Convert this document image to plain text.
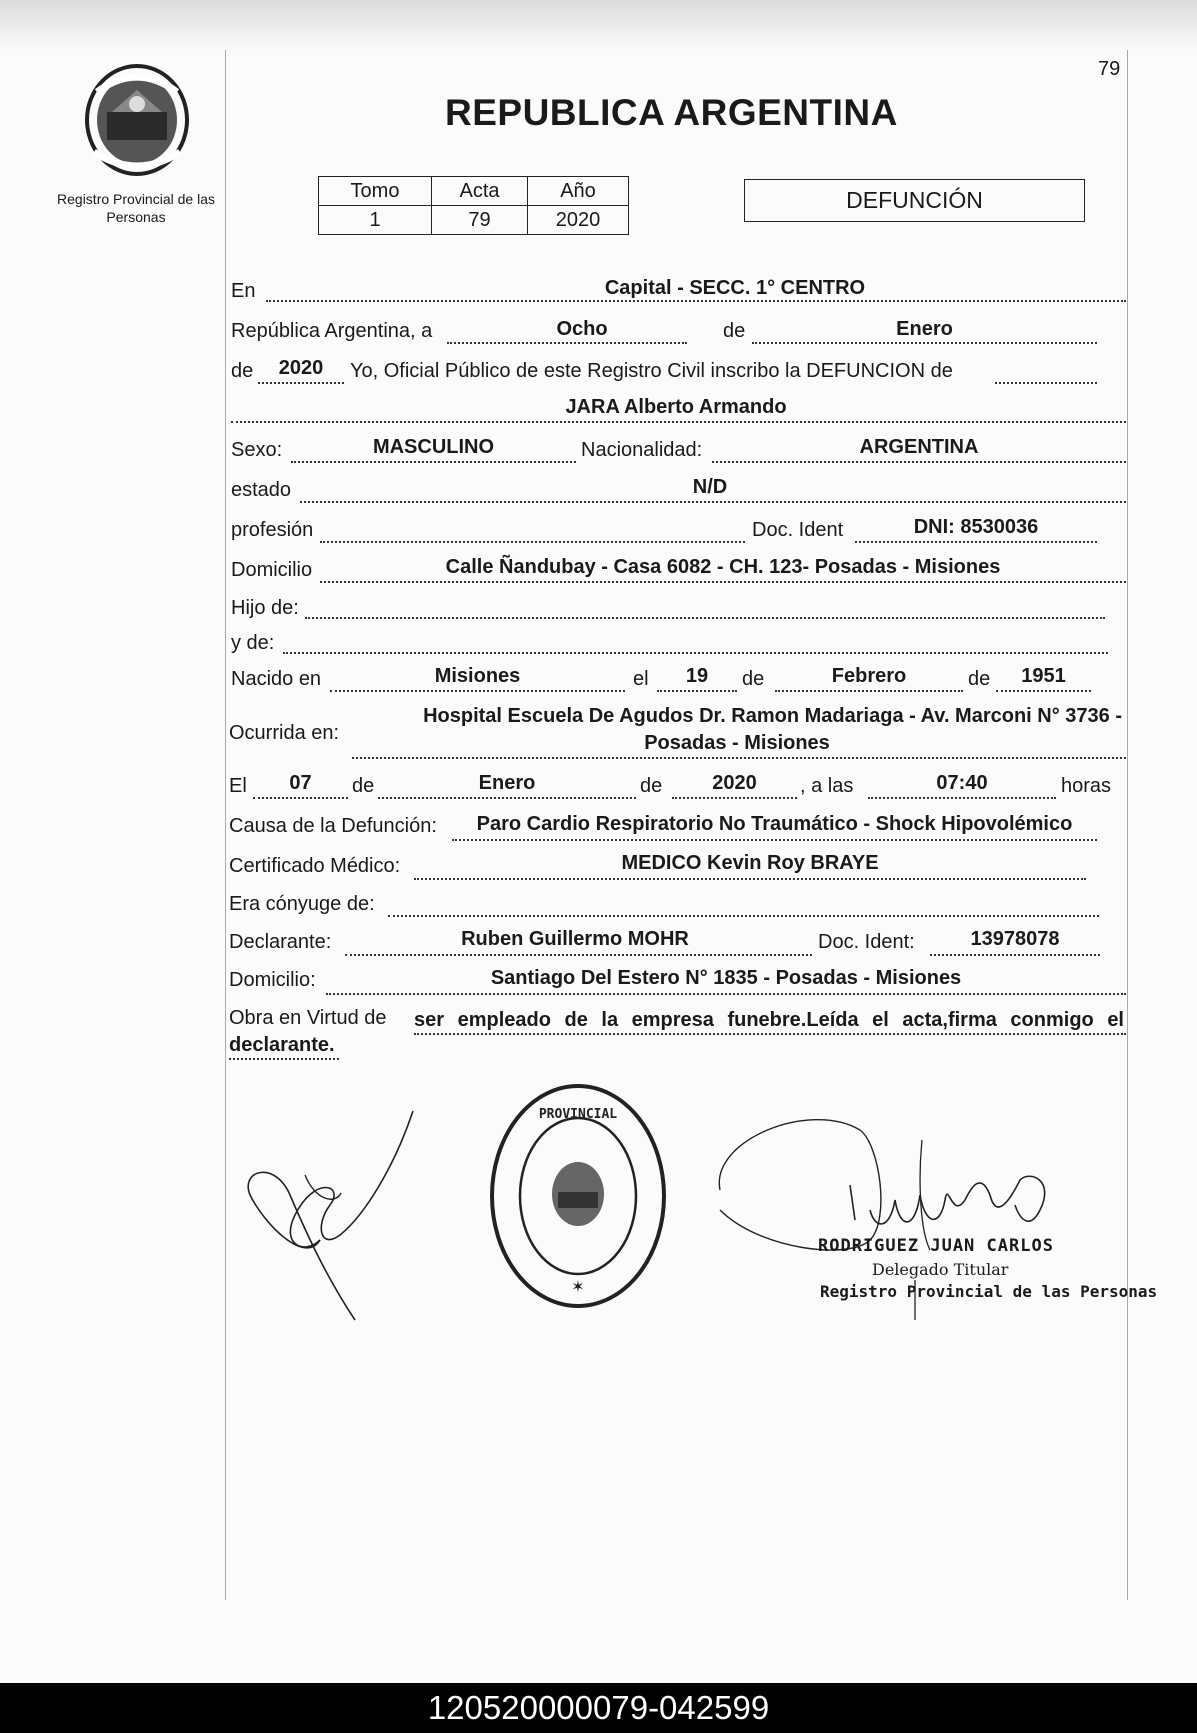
79
Registro Provincial de las Personas
REPUBLICA ARGENTINA
Tomo	Acta	Año
1	79	2020
DEFUNCIÓN
En	Capital - SECC. 1° CENTRO
República Argentina, a	Ocho	de	Enero
de	2020	Yo, Oficial Público de este Registro Civil inscribo la DEFUNCION de
JARA Alberto Armando
Sexo:	MASCULINO	Nacionalidad:	ARGENTINA
estado	N/D
profesión	Doc. Ident	DNI: 8530036
Domicilio	Calle Ñandubay - Casa 6082 - CH. 123- Posadas - Misiones
Hijo de:
y de:
Nacido en	Misiones	el	19	de	Febrero	de	1951
Ocurrida en:
Hospital Escuela De Agudos Dr. Ramon Madariaga - Av. Marconi N° 3736 -
Posadas - Misiones
El	07	de	Enero	de	2020	, a las	07:40	horas
Causa de la Defunción:	Paro Cardio Respiratorio No Traumático - Shock Hipovolémico
Certificado Médico:	MEDICO Kevin Roy BRAYE
Era cónyuge de:
Declarante:	Ruben Guillermo MOHR	Doc. Ident:	13978078
Domicilio:	Santiago Del Estero N° 1835 - Posadas - Misiones
Obra en Virtud de ser empleado de la empresa funebre.Leída el acta,firma conmigo el
declarante.
PROVINCIAL
✶
RODRIGUEZ JUAN CARLOS
Delegado Titular
Registro Provincial de las Personas
120520000079-042599
